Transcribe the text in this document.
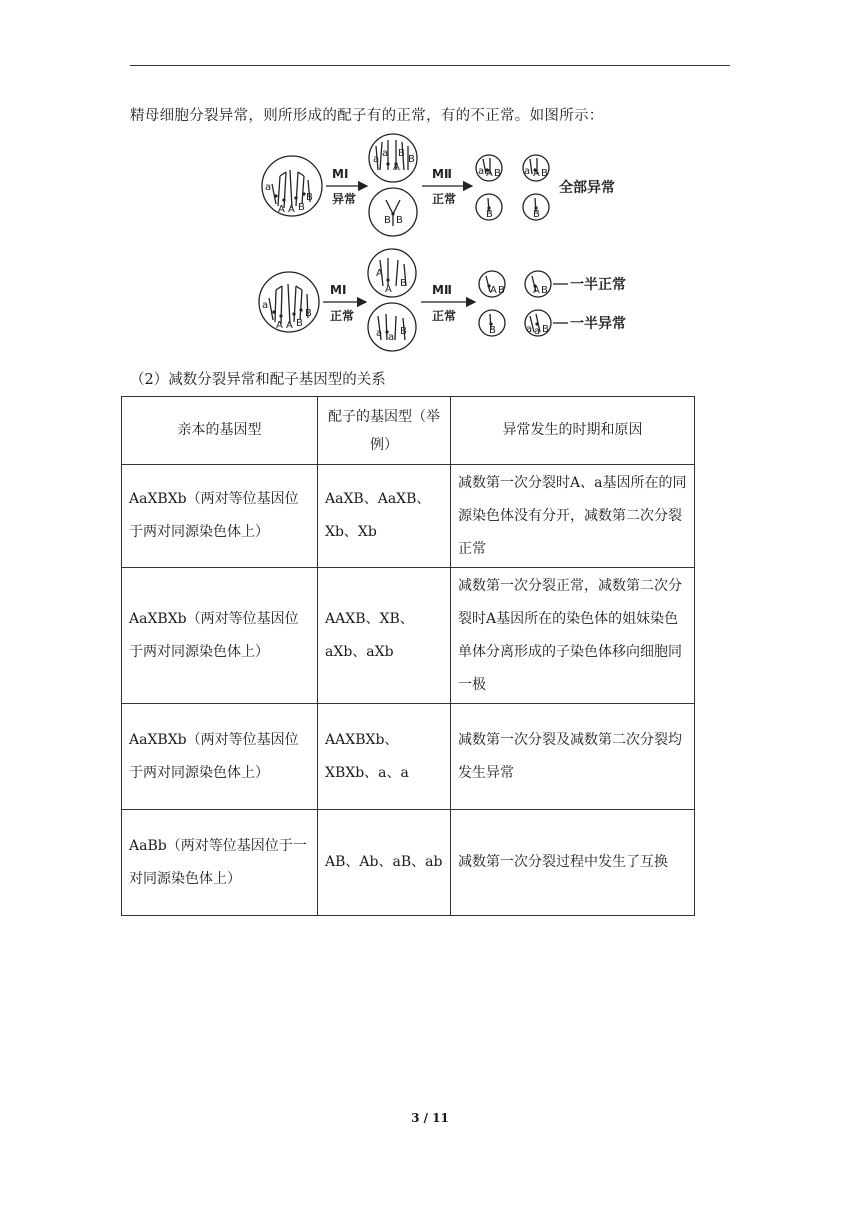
精母细胞分裂异常，则所形成的配子有的正常，有的不正常。如图所示：
a
A A B
B
a
a B
B
A
B B
a A B a A B
B	B
a
A A B
B
A
A
B
a a
B
A B	A B
B	a a B
MⅠ
异常
MⅡ
正常
MⅠ
正常
MⅡ
正常
全部异常
一半正常
一半异常
（2）减数分裂异常和配子基因型的关系
亲本的基因型	配子的基因型（举例）	异常发生的时期和原因
AaXBXb（两对等位基因位于两对同源染色体上）	AaXB、AaXB、Xb、Xb	减数第一次分裂时A、a基因所在的同源染色体没有分开，减数第二次分裂正常
AaXBXb（两对等位基因位于两对同源染色体上）	AAXB、XB、aXb、aXb	减数第一次分裂正常，减数第二次分裂时A基因所在的染色体的姐妹染色单体分离形成的子染色体移向细胞同一极
AaXBXb（两对等位基因位于两对同源染色体上）	AAXBXb、XBXb、a、a	减数第一次分裂及减数第二次分裂均发生异常
AaBb（两对等位基因位于一对同源染色体上）	AB、Ab、aB、ab	减数第一次分裂过程中发生了互换
3 / 11
